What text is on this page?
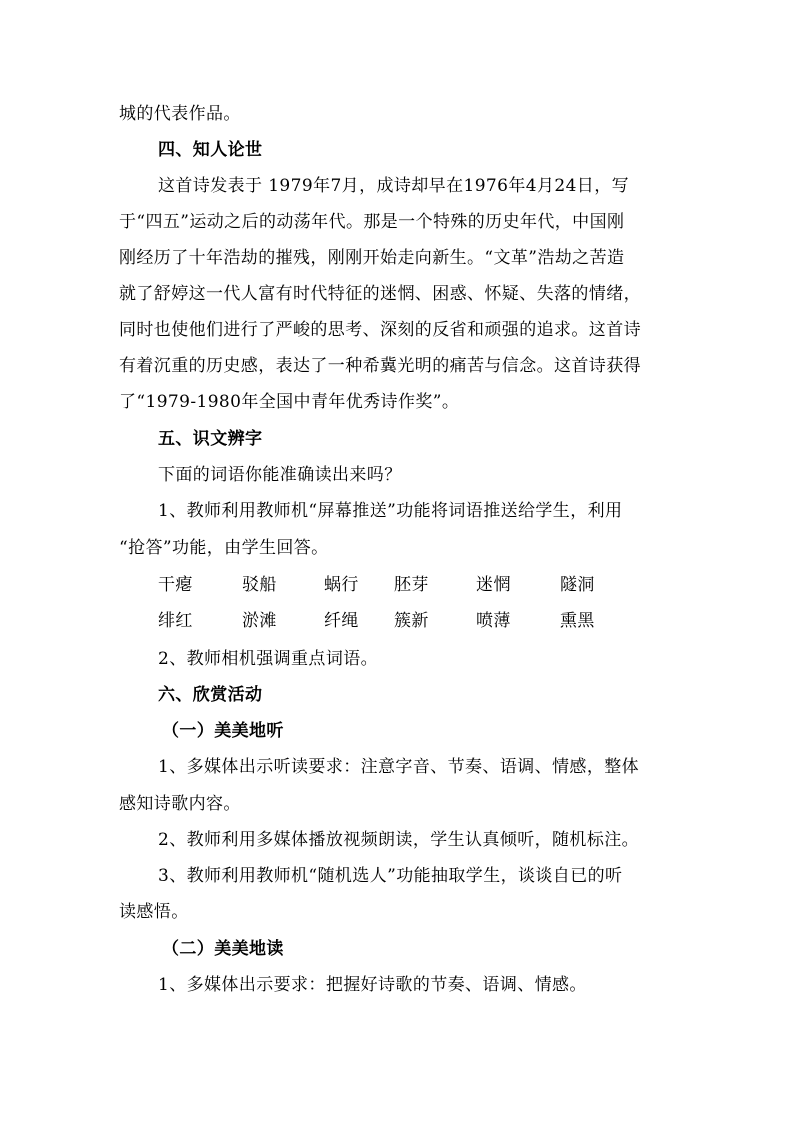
城的代表作品。
四、知人论世
这首诗发表于 1979年7月，成诗却早在1976年4月24日，写
于“四五”运动之后的动荡年代。那是一个特殊的历史年代，中国刚
刚经历了十年浩劫的摧残，刚刚开始走向新生。“文革”浩劫之苦造
就了舒婷这一代人富有时代特征的迷惘、困惑、怀疑、失落的情绪，
同时也使他们进行了严峻的思考、深刻的反省和顽强的追求。这首诗
有着沉重的历史感，表达了一种希冀光明的痛苦与信念。这首诗获得
了“1979-1980年全国中青年优秀诗作奖”。
五、识文辨字
下面的词语你能准确读出来吗？
1、教师利用教师机“屏幕推送”功能将词语推送给学生，利用
“抢答”功能，由学生回答。
干瘪	驳船	蜗行 胚芽	迷惘	隧洞
绯红	淤滩	纤绳 簇新	喷薄	熏黑
2、教师相机强调重点词语。
六、欣赏活动
（一）美美地听
1、多媒体出示听读要求：注意字音、节奏、语调、情感，整体
感知诗歌内容。
2、教师利用多媒体播放视频朗读，学生认真倾听，随机标注。
3、教师利用教师机“随机选人”功能抽取学生，谈谈自已的听
读感悟。
（二）美美地读
1、多媒体出示要求：把握好诗歌的节奏、语调、情感。
